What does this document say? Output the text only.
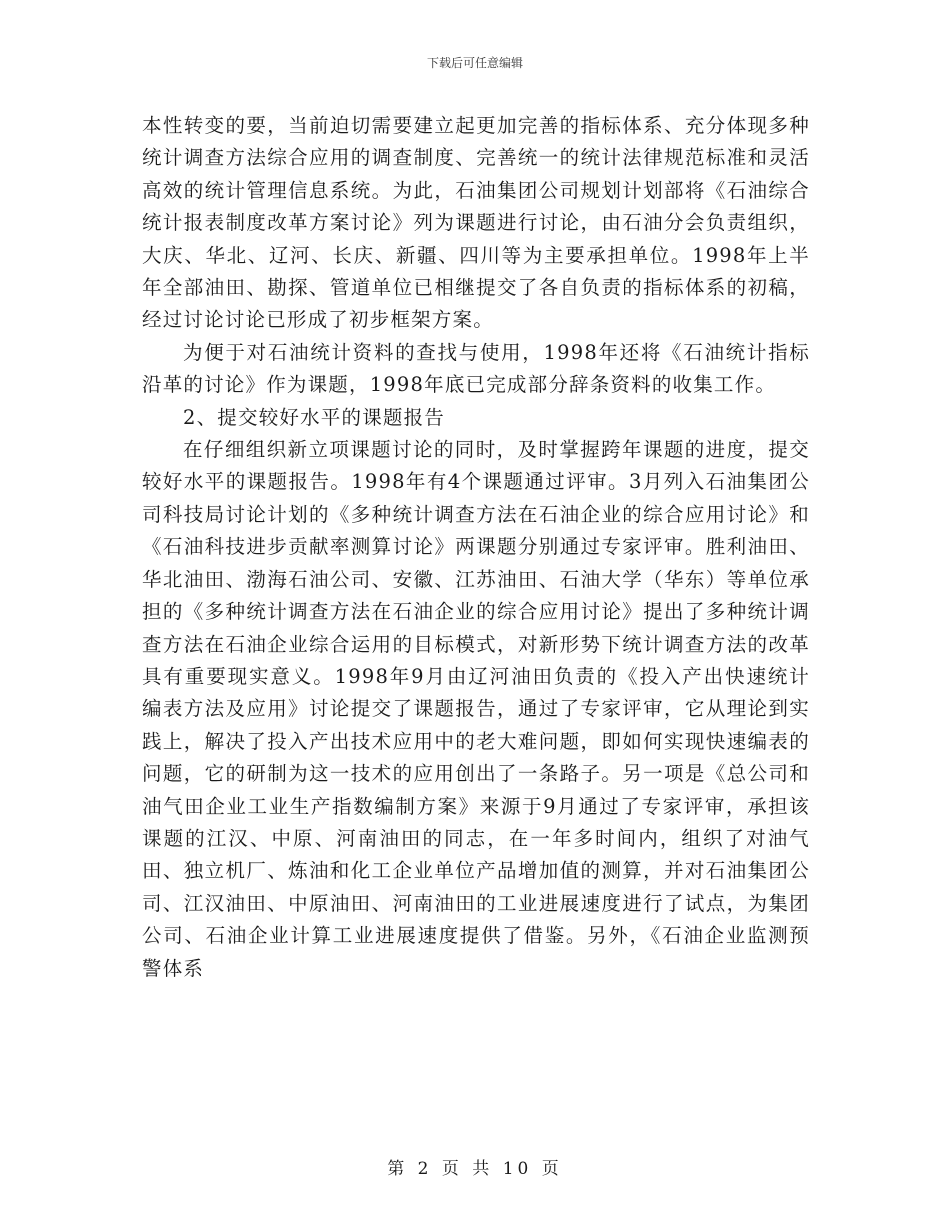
下载后可任意编辑

本性转变的要，当前迫切需要建立起更加完善的指标体系、充分体现多种统计调查方法综合应用的调查制度、完善统一的统计法律规范标准和灵活高效的统计管理信息系统。为此，石油集团公司规划计划部将《石油综合统计报表制度改革方案讨论》列为课题进行讨论，由石油分会负责组织，大庆、华北、辽河、长庆、新疆、四川等为主要承担单位。1998年上半年全部油田、勘探、管道单位已相继提交了各自负责的指标体系的初稿，经过讨论讨论已形成了初步框架方案。

为便于对石油统计资料的查找与使用，1998年还将《石油统计指标沿革的讨论》作为课题，1998年底已完成部分辞条资料的收集工作。

2、提交较好水平的课题报告

在仔细组织新立项课题讨论的同时，及时掌握跨年课题的进度，提交较好水平的课题报告。1998年有4个课题通过评审。3月列入石油集团公司科技局讨论计划的《多种统计调查方法在石油企业的综合应用讨论》和《石油科技进步贡献率测算讨论》两课题分别通过专家评审。胜利油田、华北油田、渤海石油公司、安徽、江苏油田、石油大学（华东）等单位承担的《多种统计调查方法在石油企业的综合应用讨论》提出了多种统计调查方法在石油企业综合运用的目标模式，对新形势下统计调查方法的改革具有重要现实意义。1998年9月由辽河油田负责的《投入产出快速统计编表方法及应用》讨论提交了课题报告，通过了专家评审，它从理论到实践上，解决了投入产出技术应用中的老大难问题，即如何实现快速编表的问题，它的研制为这一技术的应用创出了一条路子。另一项是《总公司和油气田企业工业生产指数编制方案》来源于9月通过了专家评审，承担该课题的江汉、中原、河南油田的同志，在一年多时间内，组织了对油气田、独立机厂、炼油和化工企业单位产品增加值的测算，并对石油集团公司、江汉油田、中原油田、河南油田的工业进展速度进行了试点，为集团公司、石油企业计算工业进展速度提供了借鉴。另外，《石油企业监测预警体系

第 2 页 共 10 页
